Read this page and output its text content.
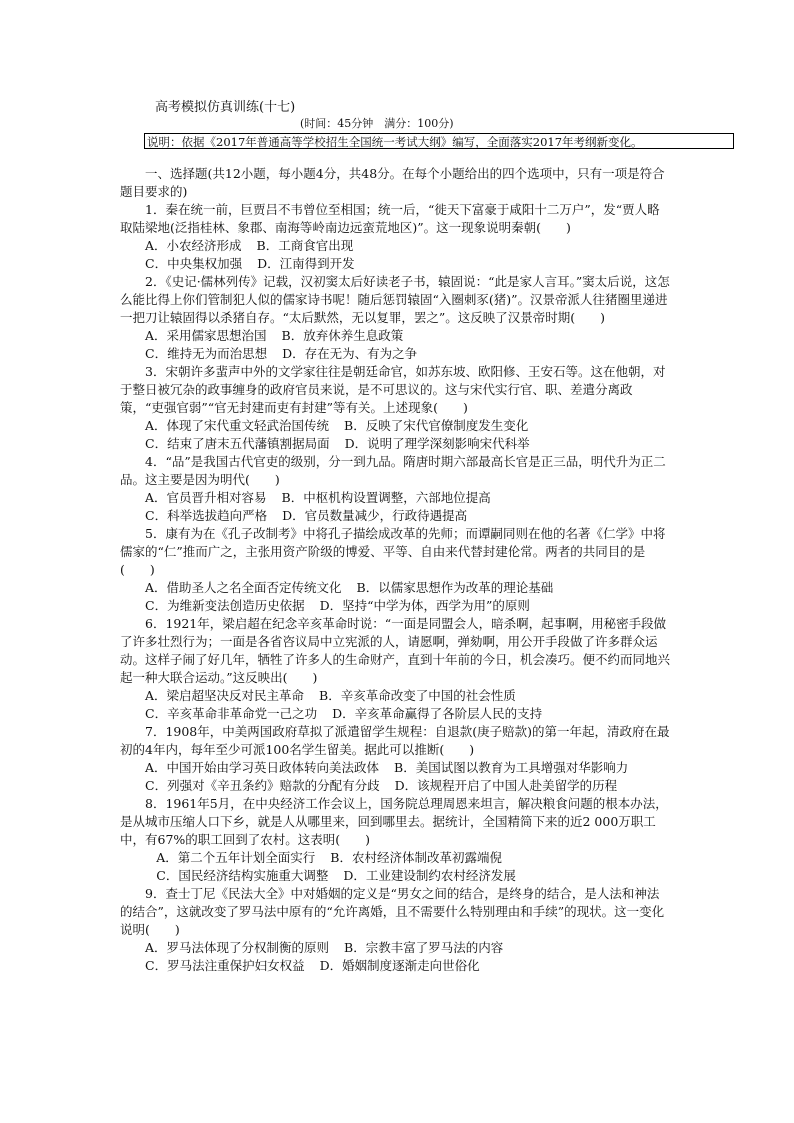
高考模拟仿真训练(十七)
(时间：45分钟　满分：100分)
说明：依据《2017年普通高等学校招生全国统一考试大纲》编写，全面落实2017年考纲新变化。

一、选择题(共12小题，每小题4分，共48分。在每个小题给出的四个选项中，只有一项是符合题目要求的)

1．秦在统一前，巨贾吕不韦曾位至相国；统一后，“徙天下富豪于咸阳十二万户”，发“贾人略取陆梁地(泛指桂林、象郡、南海等岭南边远蛮荒地区)”。这一现象说明秦朝(　　)

A．小农经济形成 B．工商食官出现
C．中央集权加强 D．江南得到开发

2．《史记·儒林列传》记载，汉初窦太后好读老子书，辕固说：“此是家人言耳。”窦太后说，这怎么能比得上你们管制犯人似的儒家诗书呢！随后惩罚辕固“入圈刺豕(猪)”。汉景帝派人往猪圈里递进一把刀让辕固得以杀猪自存。“太后默然，无以复罪，罢之”。这反映了汉景帝时期(　　)

A．采用儒家思想治国 B．放弃休养生息政策
C．维持无为而治思想 D．存在无为、有为之争

3．宋朝许多蜚声中外的文学家往往是朝廷命官，如苏东坡、欧阳修、王安石等。这在他朝，对于整日被冗杂的政事缠身的政府官员来说，是不可思议的。这与宋代实行官、职、差遣分离政策，“吏强官弱”“官无封建而吏有封建”等有关。上述现象(　　)

A．体现了宋代重文轻武治国传统 B．反映了宋代官僚制度发生变化
C．结束了唐末五代藩镇割据局面 D．说明了理学深刻影响宋代科举

4．“品”是我国古代官吏的级别，分一到九品。隋唐时期六部最高长官是正三品，明代升为正二品。这主要是因为明代(　　)

A．官员晋升相对容易 B．中枢机构设置调整，六部地位提高
C．科举选拔趋向严格 D．官员数量减少，行政待遇提高

5．康有为在《孔子改制考》中将孔子描绘成改革的先师；而谭嗣同则在他的名著《仁学》中将儒家的“仁”推而广之，主张用资产阶级的博爱、平等、自由来代替封建伦常。两者的共同目的是(　　)

A．借助圣人之名全面否定传统文化 B．以儒家思想作为改革的理论基础
C．为维新变法创造历史依据 D．坚持“中学为体，西学为用”的原则

6．1921年，梁启超在纪念辛亥革命时说：“一面是同盟会人，暗杀啊，起事啊，用秘密手段做了许多壮烈行为；一面是各省咨议局中立宪派的人，请愿啊，弹劾啊，用公开手段做了许多群众运动。这样子闹了好几年，牺牲了许多人的生命财产，直到十年前的今日，机会凑巧。便不约而同地兴起一种大联合运动。”这反映出(　　)

A．梁启超坚决反对民主革命 B．辛亥革命改变了中国的社会性质
C．辛亥革命非革命党一己之功 D．辛亥革命赢得了各阶层人民的支持

7．1908年，中美两国政府草拟了派遣留学生规程：自退款(庚子赔款)的第一年起，清政府在最初的4年内，每年至少可派100名学生留美。据此可以推断(　　)

A．中国开始由学习英日政体转向美法政体 B．美国试图以教育为工具增强对华影响力
C．列强对《辛丑条约》赔款的分配有分歧 D．该规程开启了中国人赴美留学的历程

8．1961年5月，在中央经济工作会议上，国务院总理周恩来坦言，解决粮食问题的根本办法，是从城市压缩人口下乡，就是人从哪里来，回到哪里去。据统计，全国精简下来的近2 000万职工中，有67%的职工回到了农村。这表明(　　)

A．第二个五年计划全面实行 B．农村经济体制改革初露端倪
C．国民经济结构实施重大调整 D．工业建设制约农村经济发展

9．查士丁尼《民法大全》中对婚姻的定义是“男女之间的结合，是终身的结合，是人法和神法的结合”，这就改变了罗马法中原有的“允许离婚，且不需要什么特别理由和手续”的现状。这一变化说明(　　)

A．罗马法体现了分权制衡的原则 B．宗教丰富了罗马法的内容
C．罗马法注重保护妇女权益 D．婚姻制度逐渐走向世俗化
